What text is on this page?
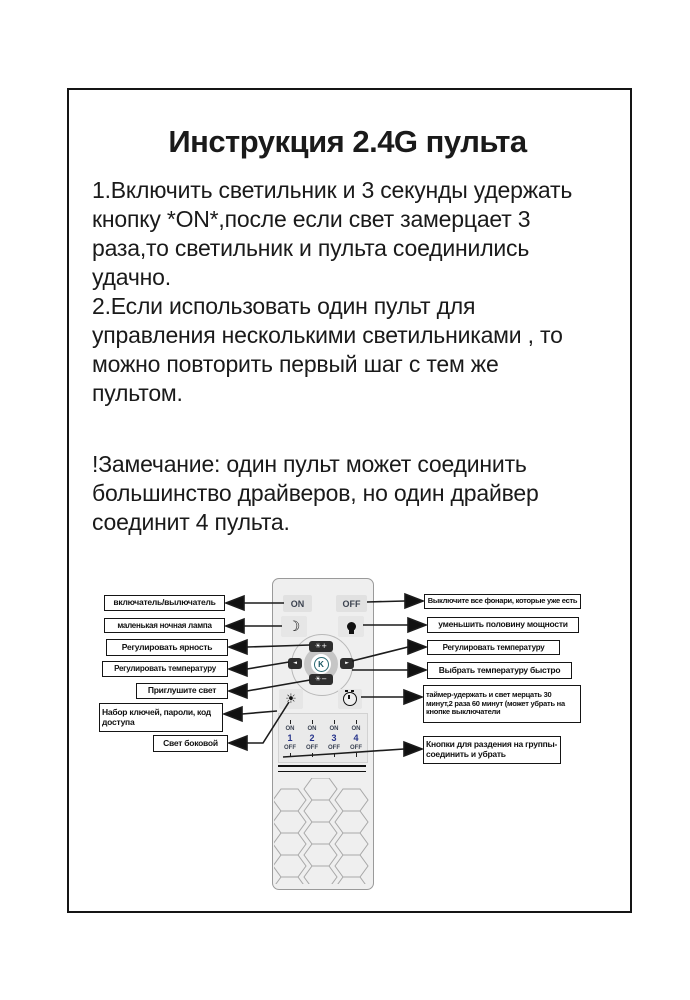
Инструкция 2.4G пульта

1.Включить светильник и 3 секунды удержать кнопку *ON*,после если свет замерцает 3 раза,то светильник и пульта соединились удачно.

2.Если использовать один пульт для управления несколькими светильниками , то можно повторить первый шаг с тем же пультом.

!Замечание: один пульт может соединить большинство драйверов, но один драйвер соединит 4 пульта.

ON	OFF
☽
☀+
☀−
◄	►
K
☀
ON
1
OFF
ON
2
OFF
ON
3
OFF
ON
4
OFF
включатель/вылючатель
маленькая ночная лампа
Регулировать ярность
Регулировать температуру
Приглушите свет
Набор ключей, пароли, код доступа
Свет боковой
Выключите все фонари, которые уже есть
уменьшить половину мощности
Регулировать температуру
Выбрать температуру быстро
таймер-удержать и свет мерцать 30 минут,2 раза 60 минут (может убрать на кнопке выключатели
Кнопки для раздения на группы-соединить и убрать
